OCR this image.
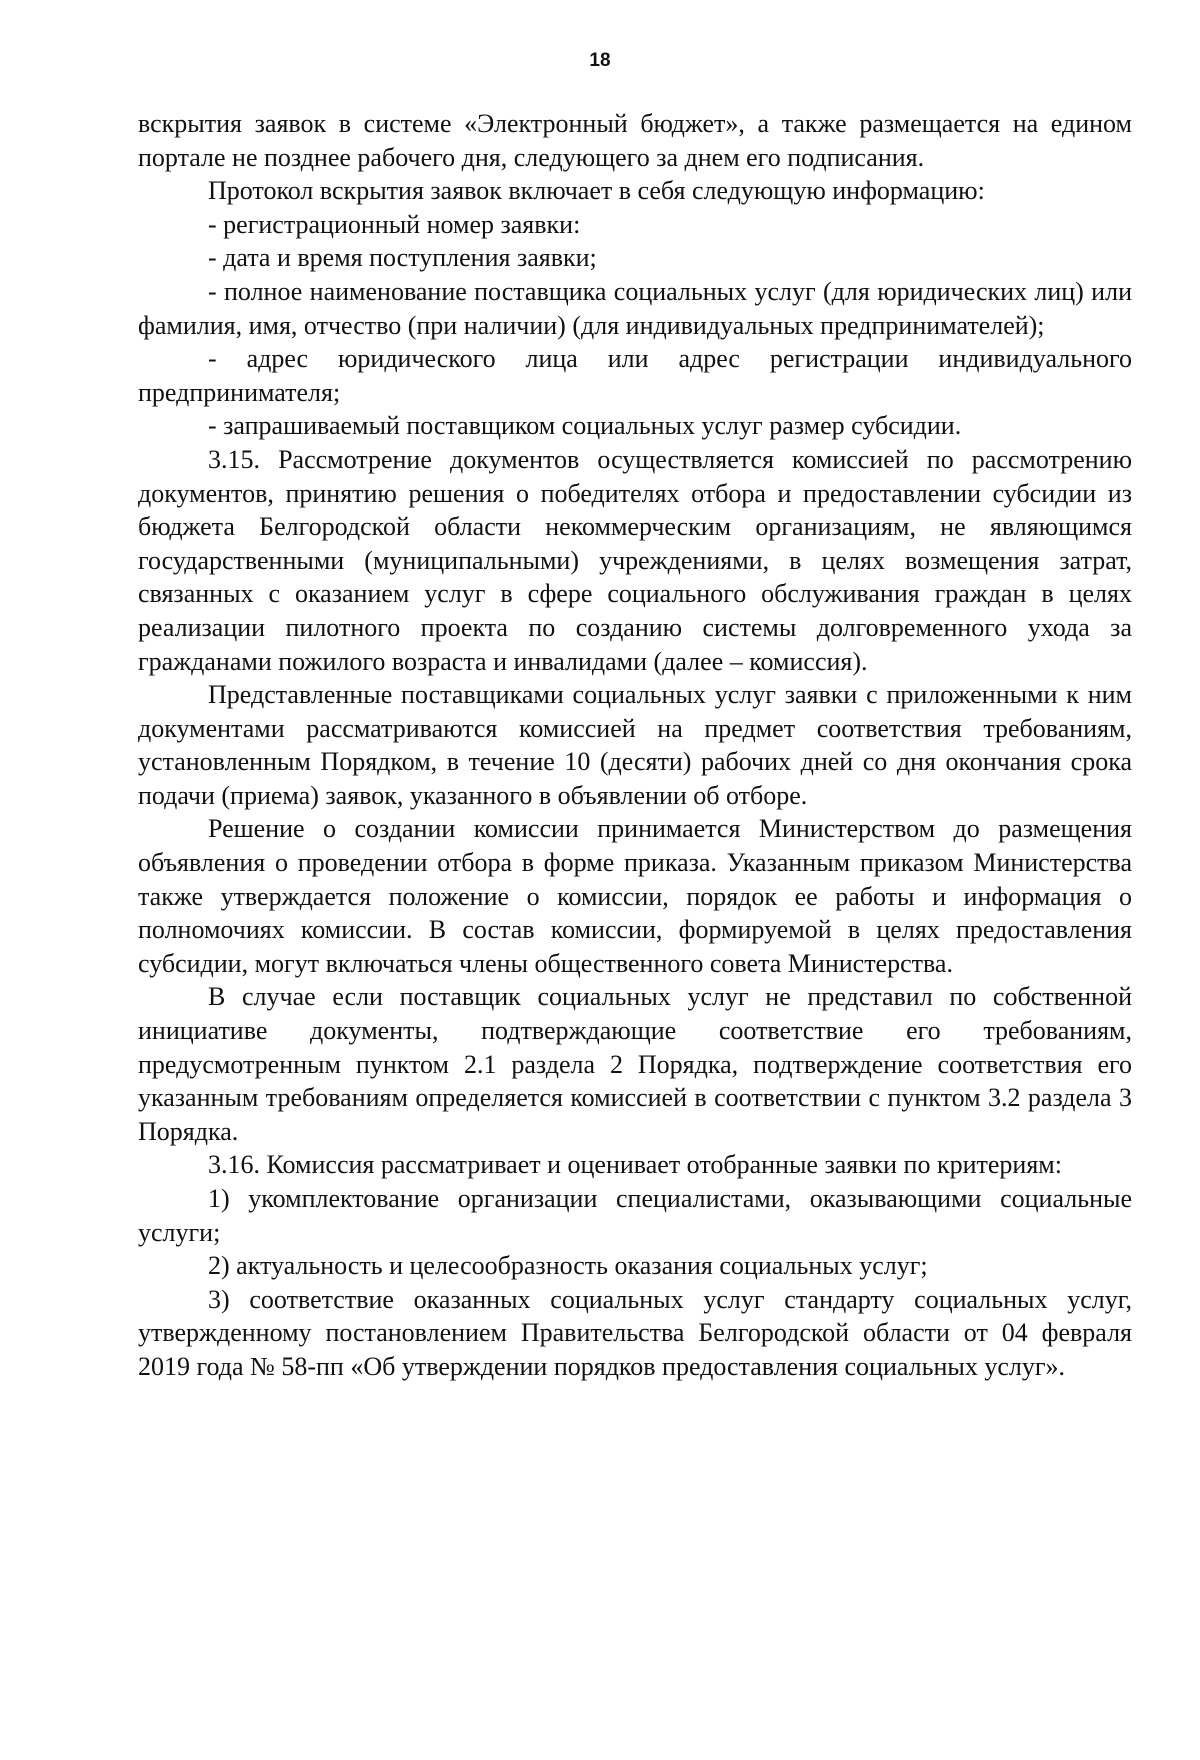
18

вскрытия заявок в системе «Электронный бюджет», а также размещается на едином портале не позднее рабочего дня, следующего за днем его подписания.

Протокол вскрытия заявок включает в себя следующую информацию:

- регистрационный номер заявки:

- дата и время поступления заявки;

- полное наименование поставщика социальных услуг (для юридических лиц) или фамилия, имя, отчество (при наличии) (для индивидуальных предпринимателей);

- адрес юридического лица или адрес регистрации индивидуального предпринимателя;

- запрашиваемый поставщиком социальных услуг размер субсидии.

3.15. Рассмотрение документов осуществляется комиссией по рассмотрению документов, принятию решения о победителях отбора и предоставлении субсидии из бюджета Белгородской области некоммерческим организациям, не являющимся государственными (муниципальными) учреждениями, в целях возмещения затрат, связанных с оказанием услуг в сфере социального обслуживания граждан в целях реализации пилотного проекта по созданию системы долговременного ухода за гражданами пожилого возраста и инвалидами (далее – комиссия).

Представленные поставщиками социальных услуг заявки с приложенными к ним документами рассматриваются комиссией на предмет соответствия требованиям, установленным Порядком, в течение 10 (десяти) рабочих дней со дня окончания срока подачи (приема) заявок, указанного в объявлении об отборе.

Решение о создании комиссии принимается Министерством до размещения объявления о проведении отбора в форме приказа. Указанным приказом Министерства также утверждается положение о комиссии, порядок ее работы и информация о полномочиях комиссии. В состав комиссии, формируемой в целях предоставления субсидии, могут включаться члены общественного совета Министерства.

В случае если поставщик социальных услуг не представил по собственной инициативе документы, подтверждающие соответствие его требованиям, предусмотренным пунктом 2.1 раздела 2 Порядка, подтверждение соответствия его указанным требованиям определяется комиссией в соответствии с пунктом 3.2 раздела 3 Порядка.

3.16. Комиссия рассматривает и оценивает отобранные заявки по критериям:

1) укомплектование организации специалистами, оказывающими социальные услуги;

2) актуальность и целесообразность оказания социальных услуг;

3) соответствие оказанных социальных услуг стандарту социальных услуг, утвержденному постановлением Правительства Белгородской области от 04 февраля 2019 года № 58-пп «Об утверждении порядков предоставления социальных услуг».
